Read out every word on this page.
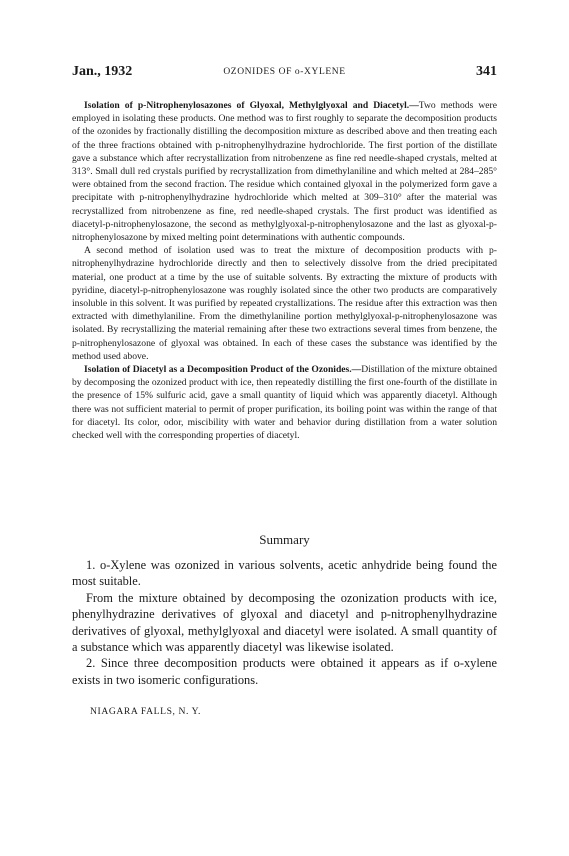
Jan., 1932	OZONIDES OF o-XYLENE	341

Isolation of p-Nitrophenylosazones of Glyoxal, Methylglyoxal and Diacetyl.—Two methods were employed in isolating these products. One method was to first roughly to separate the decomposition products of the ozonides by fractionally distilling the decomposition mixture as described above and then treating each of the three fractions obtained with p-nitrophenylhydrazine hydrochloride. The first portion of the distillate gave a substance which after recrystallization from nitrobenzene as fine red needle-shaped crystals, melted at 313°. Small dull red crystals purified by recrystallization from dimethylaniline and which melted at 284–285° were obtained from the second fraction. The residue which contained glyoxal in the polymerized form gave a precipitate with p-nitrophenylhydrazine hydrochloride which melted at 309–310° after the material was recrystallized from nitrobenzene as fine, red needle-shaped crystals. The first product was identified as diacetyl-p-nitrophenylosazone, the second as methylglyoxal-p-nitrophenylosazone and the last as glyoxal-p-nitrophenylosazone by mixed melting point determinations with authentic compounds.

A second method of isolation used was to treat the mixture of decomposition products with p-nitrophenylhydrazine hydrochloride directly and then to selectively dissolve from the dried precipitated material, one product at a time by the use of suitable solvents. By extracting the mixture of products with pyridine, diacetyl-p-nitrophenylosazone was roughly isolated since the other two products are comparatively insoluble in this solvent. It was purified by repeated crystallizations. The residue after this extraction was then extracted with dimethylaniline. From the dimethylaniline portion methylglyoxal-p-nitrophenylosazone was isolated. By recrystallizing the material remaining after these two extractions several times from benzene, the p-nitrophenylosazone of glyoxal was obtained. In each of these cases the substance was identified by the method used above.

Isolation of Diacetyl as a Decomposition Product of the Ozonides.—Distillation of the mixture obtained by decomposing the ozonized product with ice, then repeatedly distilling the first one-fourth of the distillate in the presence of 15% sulfuric acid, gave a small quantity of liquid which was apparently diacetyl. Although there was not sufficient material to permit of proper purification, its boiling point was within the range of that for diacetyl. Its color, odor, miscibility with water and behavior during distillation from a water solution checked well with the corresponding properties of diacetyl.

Summary

1. o-Xylene was ozonized in various solvents, acetic anhydride being found the most suitable.

From the mixture obtained by decomposing the ozonization products with ice, phenylhydrazine derivatives of glyoxal and diacetyl and p-nitrophenylhydrazine derivatives of glyoxal, methylglyoxal and diacetyl were isolated. A small quantity of a substance which was apparently diacetyl was likewise isolated.

2. Since three decomposition products were obtained it appears as if o-xylene exists in two isomeric configurations.

NIAGARA FALLS, N. Y.
